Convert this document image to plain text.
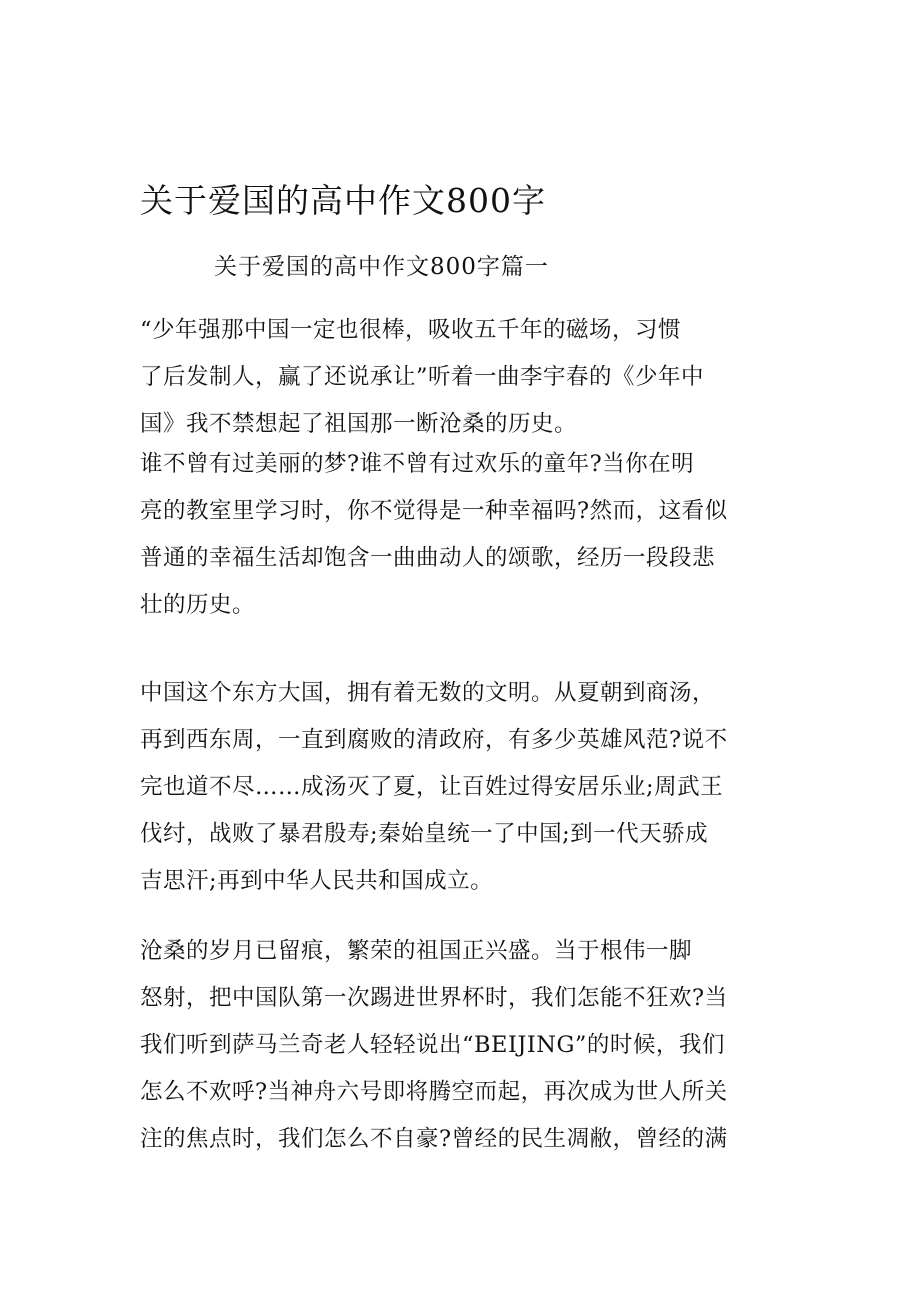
关于爱国的高中作文800字
关于爱国的高中作文800字篇一
“少年强那中国一定也很棒，吸收五千年的磁场，习惯
了后发制人，赢了还说承让”听着一曲李宇春的《少年中
国》我不禁想起了祖国那一断沧桑的历史。
谁不曾有过美丽的梦?谁不曾有过欢乐的童年?当你在明
亮的教室里学习时，你不觉得是一种幸福吗?然而，这看似
普通的幸福生活却饱含一曲曲动人的颂歌，经历一段段悲
壮的历史。
中国这个东方大国，拥有着无数的文明。从夏朝到商汤，
再到西东周，一直到腐败的清政府，有多少英雄风范?说不
完也道不尽……成汤灭了夏，让百姓过得安居乐业;周武王
伐纣，战败了暴君殷寿;秦始皇统一了中国;到一代天骄成
吉思汗;再到中华人民共和国成立。
沧桑的岁月已留痕，繁荣的祖国正兴盛。当于根伟一脚
怒射，把中国队第一次踢进世界杯时，我们怎能不狂欢?当
我们听到萨马兰奇老人轻轻说出“BEIJING”的时候，我们
怎么不欢呼?当神舟六号即将腾空而起，再次成为世人所关
注的焦点时，我们怎么不自豪?曾经的民生凋敝，曾经的满
